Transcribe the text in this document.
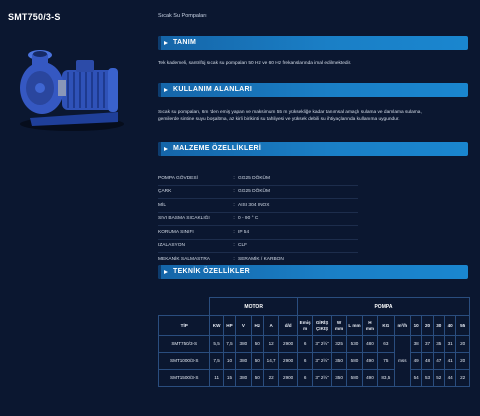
SMT750/3-S	Sıcak Su Pompaları
TANIM
Tek kademeli, santrifüj sıcak su pompaları 50 Hz ve 60 Hz frekanslarında imal edilmektedir.
KULLANIM ALANLARI
Sıcak su pompaları, 6m 'den emiş yapan ve maksimum 55 m yüksekliğe kadar tanımsal amaçlı sulama ve damlama sulama,
gemilerde sintine suyu boşaltma, az kirli birikinti su tahliyesi ve yüksek debili su ihtiyaçlarında kullanıma uygundur.
MALZEME ÖZELLİKLERİ
POMPA GÖVDESİ	: GG25 DÖKÜM
ÇARK	: GG25 DÖKÜM
MİL	: AISI 304 INOX
SIVI BASMA SICAKLIĞI	: 0 - 90 ° C
KORUMA SINIFI	: IP 54
IZALASYON	: CLF
MEKANİK SALMASTRA	: SERAMİK / KARBON
TEKNİK ÖZELLİKLER
	MOTOR						POMPA											
TİP	KW	HP	V	Hz	A	d/d	Emiş m	GİRİŞ ÇIKIŞ	W mm	L mm	H mm	KG	m³/h	10	20	30	40	55
SMT750/3-S	5,5	7,5	380	50	12	2900	6	3" 2½"	325	530	480	63	mss	38	37	35	31	20
SMT1000/3-S	7,5	10	380	50	14,7	2900	6	3" 2½"	350	580	490	75		49	48	47	41	20
SMT1500/3-S	11	15	380	50	22	2900	6	3" 2½"	350	580	490	83,5		54	53	52	44	22
